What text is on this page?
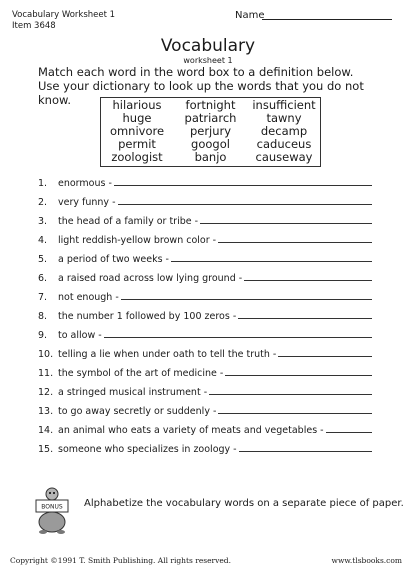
Vocabulary Worksheet 1
Item 3648
Name
Vocabulary
worksheet 1
Match each word in the word box to a definition below. Use your dictionary to look up the words that you do not know.	hilarious	fortnight	insufficient
huge	patriarch	tawny
omnivore	perjury	decamp
permit	googol	caduceus
zoologist	banjo	causeway
1. enormous -
2. very funny -
3. the head of a family or tribe -
4. light reddish-yellow brown color -
5. a period of two weeks -
6. a raised road across low lying ground -
7. not enough -
8. the number 1 followed by 100 zeros -
9. to allow -
10. telling a lie when under oath to tell the truth -
11. the symbol of the art of medicine -
12. a stringed musical instrument -
13. to go away secretly or suddenly -
14. an animal who eats a variety of meats and vegetables -
15. someone who specializes in zoology -
BONUS Alphabetize the vocabulary words on a separate piece of paper.
Copyright ©1991 T. Smith Publishing. All rights reserved.	www.tlsbooks.com
